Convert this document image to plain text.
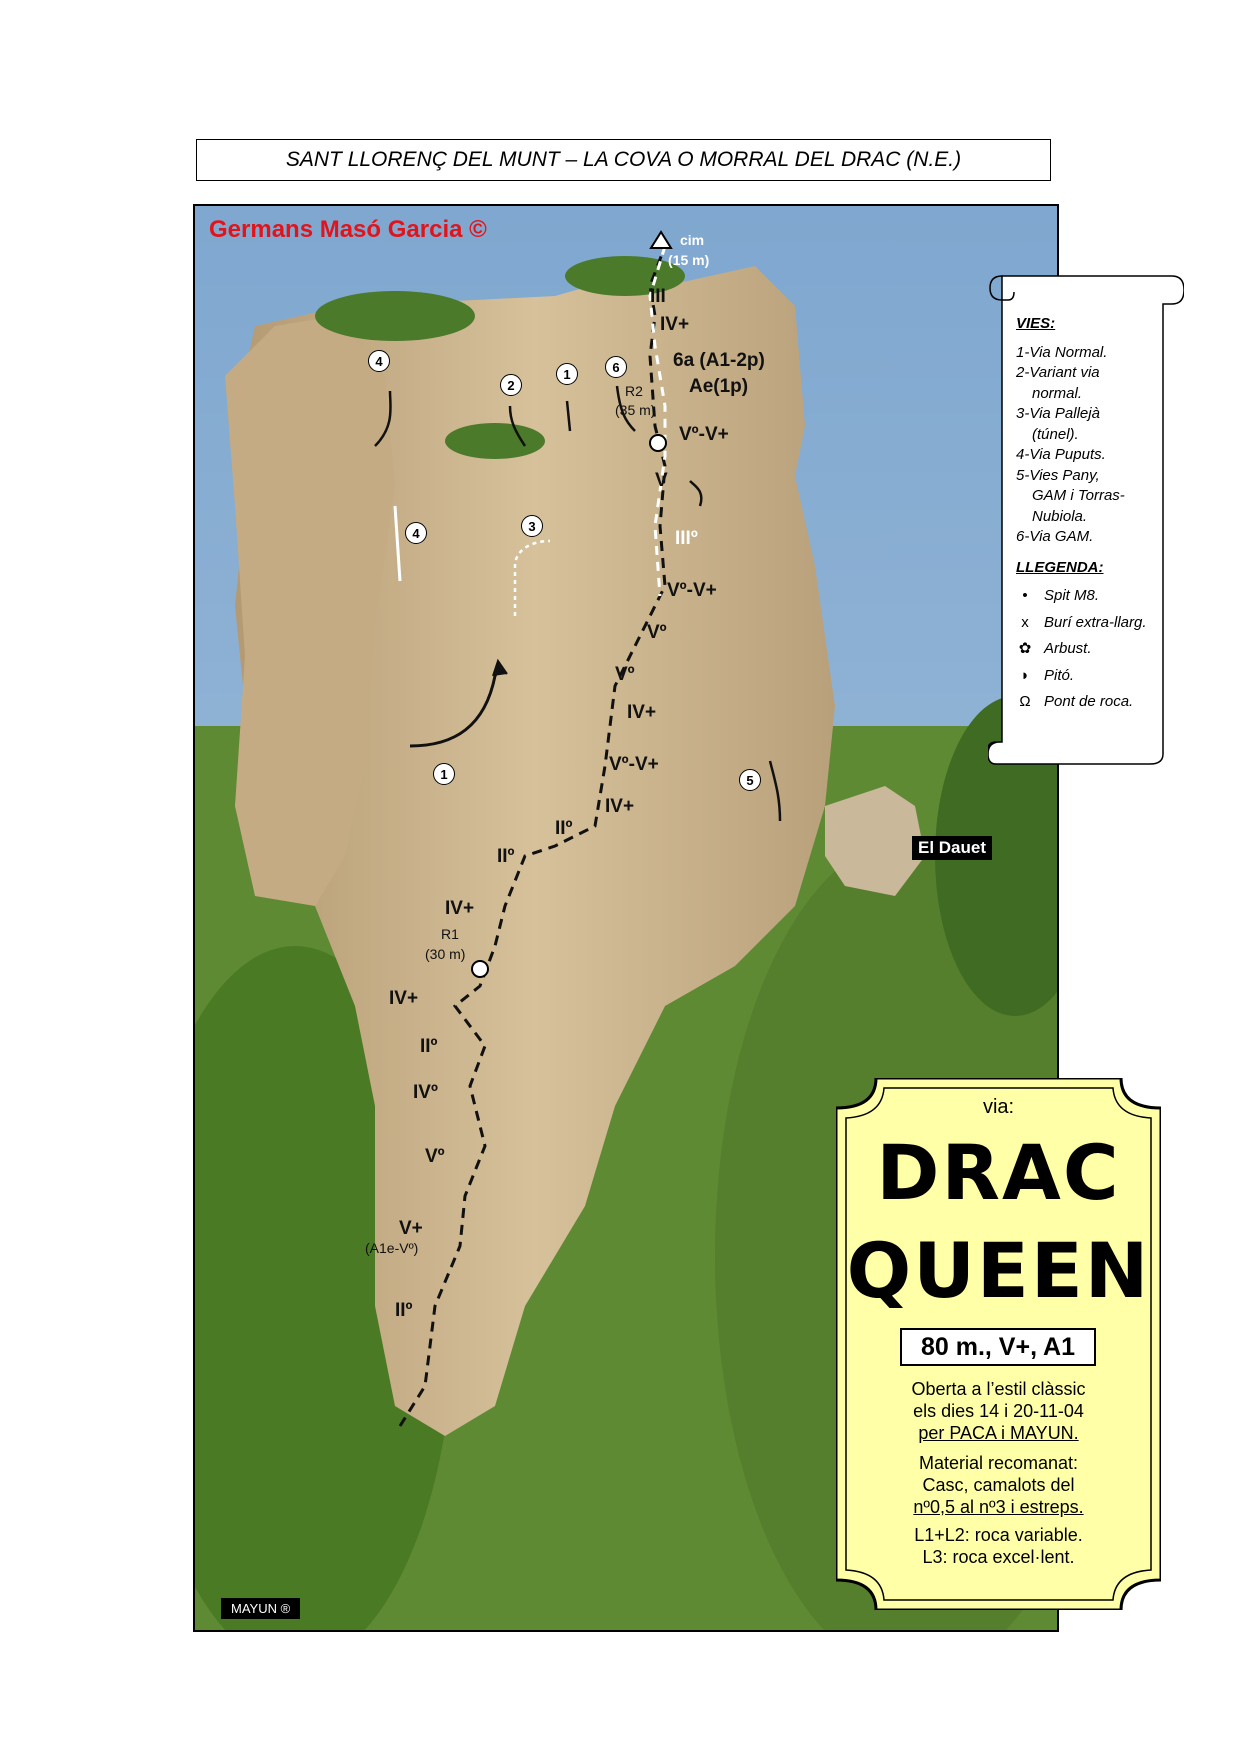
SANT LLORENÇ DEL MUNT – LA COVA O MORRAL DEL DRAC (N.E.)
Germans Masó Garcia ©
El Dauet
MAYUN ®
cim
(15 m)
R2
(35 m)
R1
(30 m)
4
2
1	6
4	3
1	5
III
IV+
6a (A1-2p)
Ae(1p)
Vº-V+
V
IIIº
Vº-V+
Vº
Vº
IV+
Vº-V+
IV+
IIº
IIº
IV+
IV+
IIº
IVº
Vº
V+
(A1e-Vº)
IIº
VIES:
1-Via Normal.
2-Variant via
normal.
3-Via Pallejà
(túnel).
4-Via Puputs.
5-Vies Pany,
GAM i Torras-
Nubiola.
6-Via GAM.
LLEGENDA:
•	Spit M8.
x	Burí extra-llarg.
✿ Arbust.
◗ Pitó.
Ω Pont de roca.
via:
DRAC
QUEEN
80 m., V+, A1
Oberta a l’estil clàssic
els dies 14 i 20-11-04
per PACA i MAYUN.
Material recomanat:
Casc, camalots del
nº0,5 al nº3 i estreps.
L1+L2: roca variable.
L3: roca excel·lent.
